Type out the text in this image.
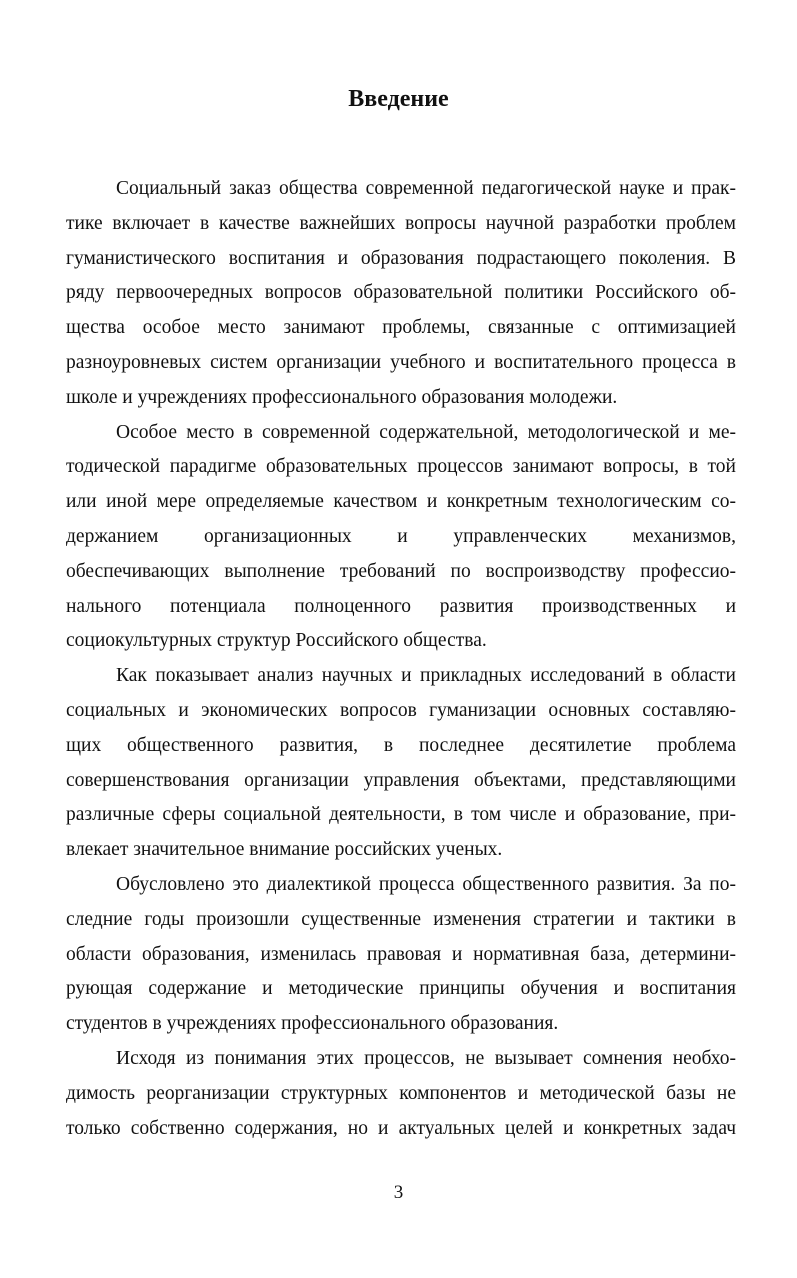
Введение

Социальный заказ общества современной педагогической науке и прак-
тике включает в качестве важнейших вопросы научной разработки проблем
гуманистического воспитания и образования подрастающего поколения. В
ряду первоочередных вопросов образовательной политики Российского об-
щества особое место занимают проблемы, связанные с оптимизацией
разноуровневых систем организации учебного и воспитательного процесса в
школе и учреждениях профессионального образования молодежи.

Особое место в современной содержательной, методологической и ме-
тодической парадигме образовательных процессов занимают вопросы, в той
или иной мере определяемые качеством и конкретным технологическим со-
держанием организационных и управленческих механизмов,
обеспечивающих выполнение требований по воспроизводству профессио-
нального потенциала полноценного развития производственных и
социокультурных структур Российского общества.

Как показывает анализ научных и прикладных исследований в области
социальных и экономических вопросов гуманизации основных составляю-
щих общественного развития, в последнее десятилетие проблема
совершенствования организации управления объектами, представляющими
различные сферы социальной деятельности, в том числе и образование, при-
влекает значительное внимание российских ученых.

Обусловлено это диалектикой процесса общественного развития. За по-
следние годы произошли существенные изменения стратегии и тактики в
области образования, изменилась правовая и нормативная база, детермини-
рующая содержание и методические принципы обучения и воспитания
студентов в учреждениях профессионального образования.

Исходя из понимания этих процессов, не вызывает сомнения необхо-
димость реорганизации структурных компонентов и методической базы не
только собственно содержания, но и актуальных целей и конкретных задач

3
